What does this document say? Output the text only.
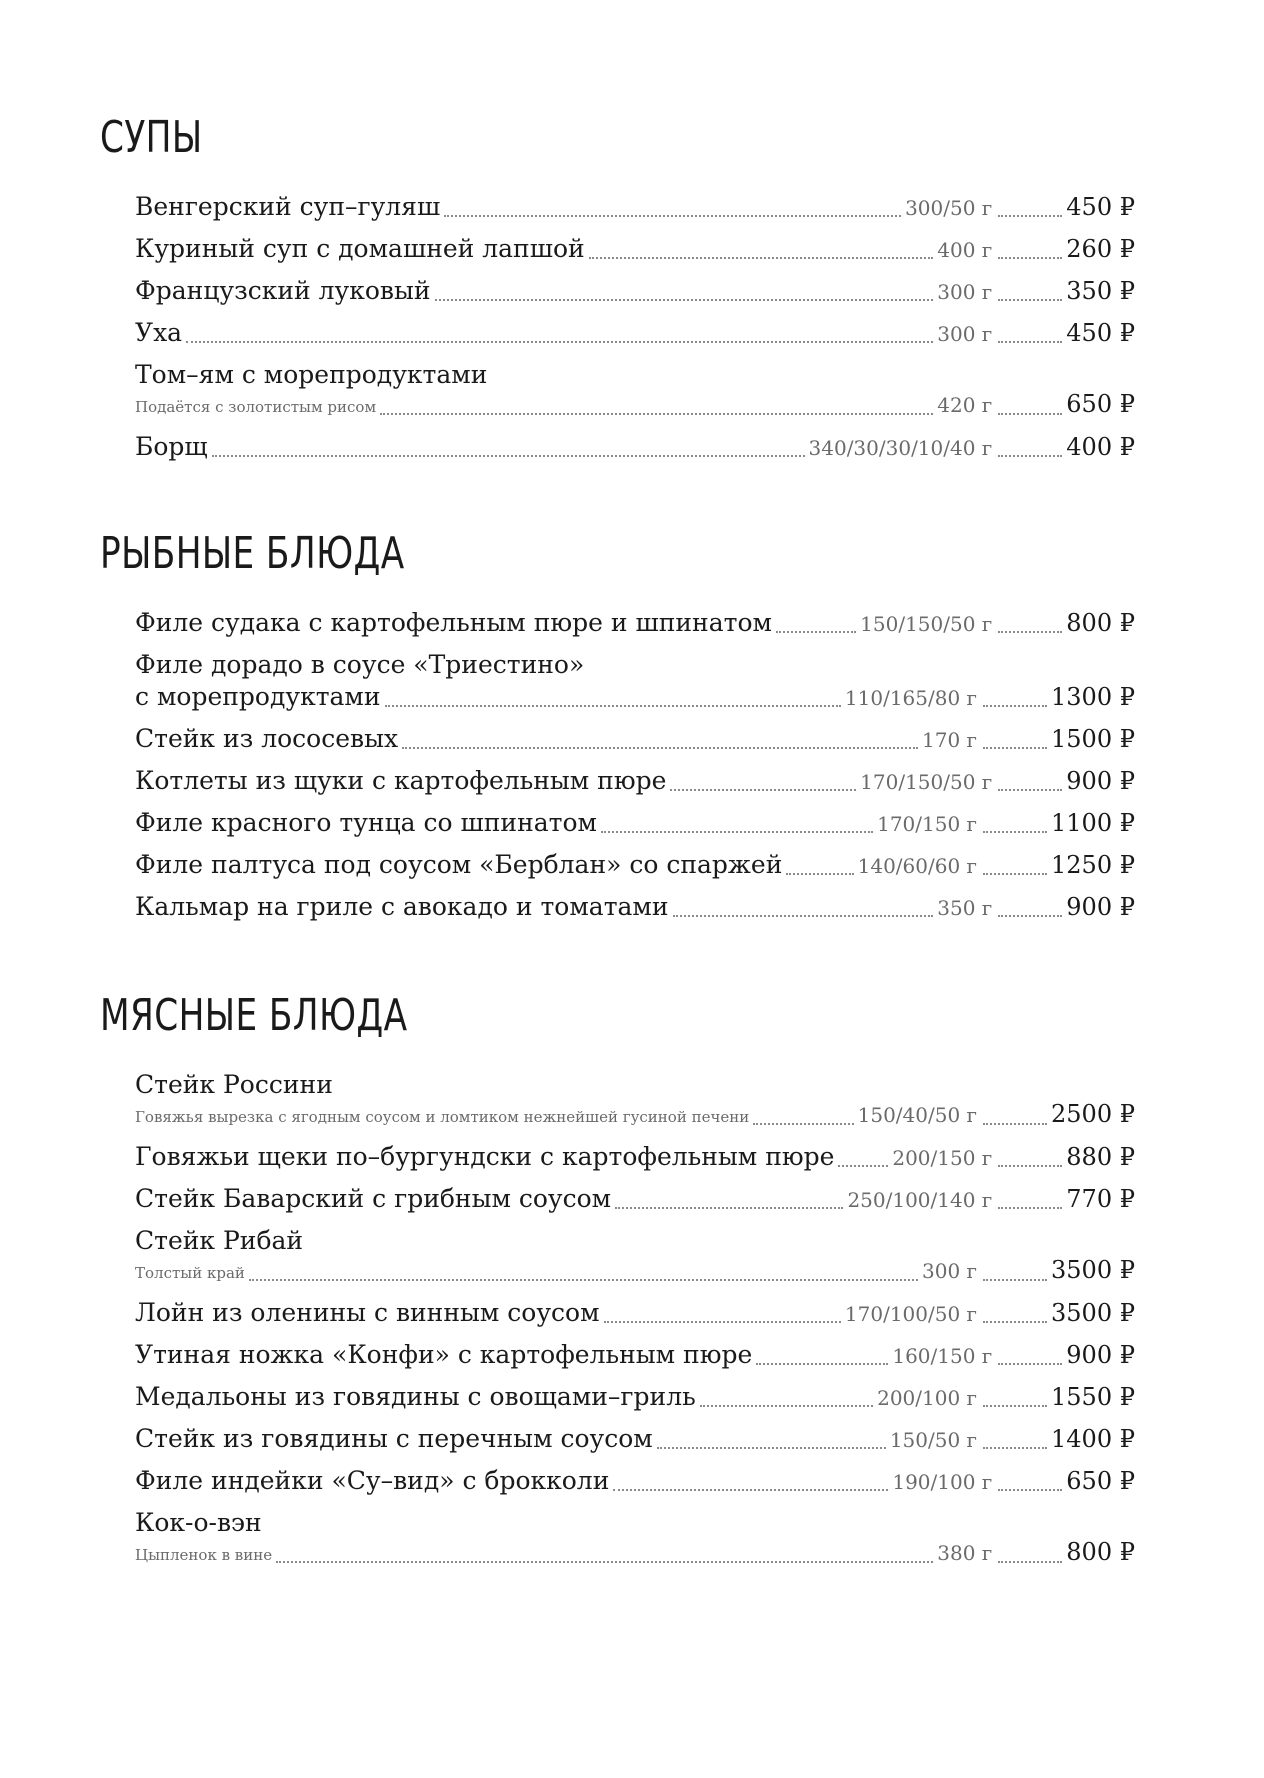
СУПЫ
Венгерский суп–гуляш	300/50 г	450 ₽
Куриный суп с домашней лапшой	400 г	260 ₽
Французский луковый	300 г	350 ₽
Уха	300 г	450 ₽
Том–ям с морепродуктами
Подаётся с золотистым рисом	420 г	650 ₽
Борщ	340/30/30/10/40 г	400 ₽
РЫБНЫЕ БЛЮДА
Филе судака с картофельным пюре и шпинатом	150/150/50 г	800 ₽
Филе дорадо в соусе «Триестино»
с морепродуктами	110/165/80 г	1300 ₽
Стейк из лососевых	170 г	1500 ₽
Котлеты из щуки с картофельным пюре	170/150/50 г	900 ₽
Филе красного тунца со шпинатом	170/150 г	1100 ₽
Филе палтуса под соусом «Берблан» со спаржей	140/60/60 г	1250 ₽
Кальмар на гриле с авокадо и томатами	350 г	900 ₽
МЯСНЫЕ БЛЮДА
Стейк Россини
Говяжья вырезка с ягодным соусом и ломтиком нежнейшей гусиной печени	150/40/50 г	2500 ₽
Говяжьи щеки по–бургундски с картофельным пюре	200/150 г	880 ₽
Стейк Баварский с грибным соусом	250/100/140 г	770 ₽
Стейк Рибай
Толстый край	300 г	3500 ₽
Лойн из оленины с винным соусом	170/100/50 г	3500 ₽
Утиная ножка «Конфи» с картофельным пюре	160/150 г	900 ₽
Медальоны из говядины с овощами–гриль	200/100 г	1550 ₽
Стейк из говядины с перечным соусом	150/50 г	1400 ₽
Филе индейки «Су–вид» с брокколи	190/100 г	650 ₽
Кок-о-вэн
Цыпленок в вине	380 г	800 ₽
